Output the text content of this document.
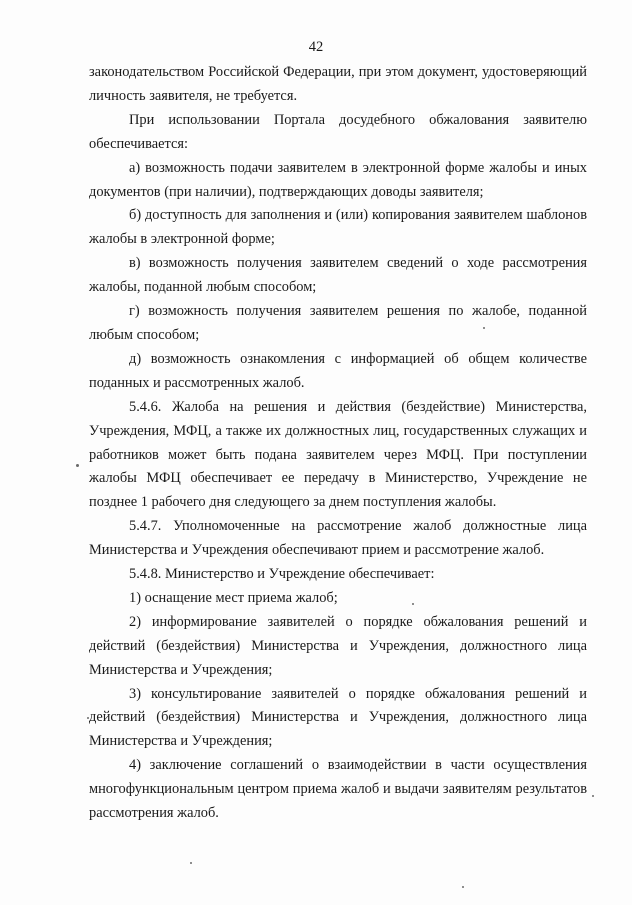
42

законодательством Российской Федерации, при этом документ, удостоверяющий личность заявителя, не требуется.

При использовании Портала досудебного обжалования заявителю обеспечивается:

а) возможность подачи заявителем в электронной форме жалобы и иных документов (при наличии), подтверждающих доводы заявителя;

б) доступность для заполнения и (или) копирования заявителем шаблонов жалобы в электронной форме;

в) возможность получения заявителем сведений о ходе рассмотрения жалобы, поданной любым способом;

г) возможность получения заявителем решения по жалобе, поданной любым способом;

д) возможность ознакомления с информацией об общем количестве поданных и рассмотренных жалоб.

5.4.6. Жалоба на решения и действия (бездействие) Министерства, Учреждения, МФЦ, а также их должностных лиц, государственных служащих и работников может быть подана заявителем через МФЦ. При поступлении жалобы МФЦ обеспечивает ее передачу в Министерство, Учреждение не позднее 1 рабочего дня следующего за днем поступления жалобы.

5.4.7. Уполномоченные на рассмотрение жалоб должностные лица Министерства и Учреждения обеспечивают прием и рассмотрение жалоб.

5.4.8. Министерство и Учреждение обеспечивает:

1) оснащение мест приема жалоб;

2) информирование заявителей о порядке обжалования решений и действий (бездействия) Министерства и Учреждения, должностного лица Министерства и Учреждения;

3) консультирование заявителей о порядке обжалования решений и действий (бездействия) Министерства и Учреждения, должностного лица Министерства и Учреждения;

4) заключение соглашений о взаимодействии в части осуществления многофункциональным центром приема жалоб и выдачи заявителям результатов рассмотрения жалоб.
